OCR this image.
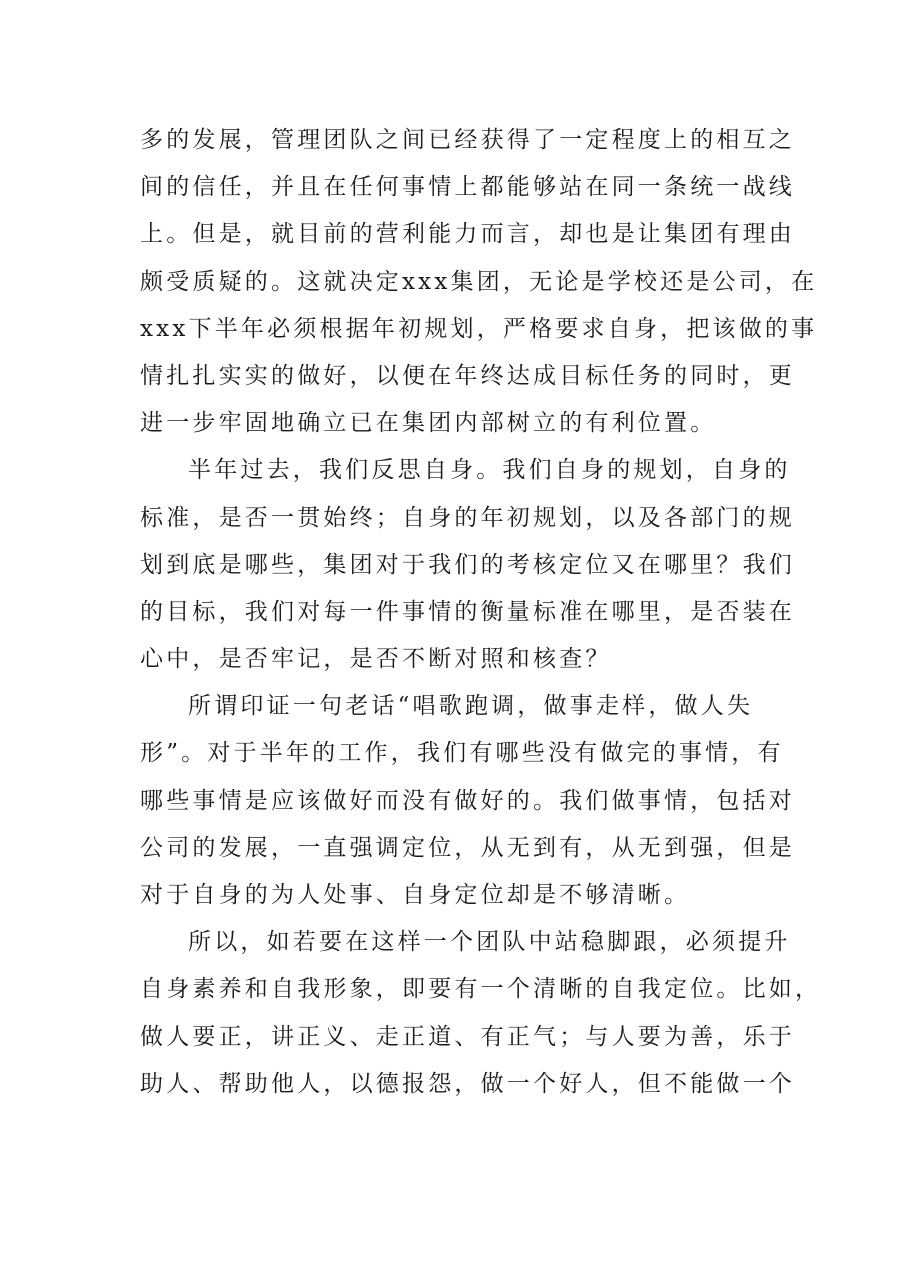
多的发展，管理团队之间已经获得了一定程度上的相互之
间的信任，并且在任何事情上都能够站在同一条统一战线
上。但是，就目前的营利能力而言，却也是让集团有理由
颇受质疑的。这就决定xxx集团，无论是学校还是公司，在
xxx下半年必须根据年初规划，严格要求自身，把该做的事
情扎扎实实的做好，以便在年终达成目标任务的同时，更
进一步牢固地确立已在集团内部树立的有利位置。
半年过去，我们反思自身。我们自身的规划，自身的
标准，是否一贯始终；自身的年初规划，以及各部门的规
划到底是哪些，集团对于我们的考核定位又在哪里？我们
的目标，我们对每一件事情的衡量标准在哪里，是否装在
心中，是否牢记，是否不断对照和核查？
所谓印证一句老话“唱歌跑调，做事走样，做人失
形”。对于半年的工作，我们有哪些没有做完的事情，有
哪些事情是应该做好而没有做好的。我们做事情，包括对
公司的发展，一直强调定位，从无到有，从无到强，但是
对于自身的为人处事、自身定位却是不够清晰。
所以，如若要在这样一个团队中站稳脚跟，必须提升
自身素养和自我形象，即要有一个清晰的自我定位。比如，
做人要正，讲正义、走正道、有正气；与人要为善，乐于
助人、帮助他人，以德报怨，做一个好人，但不能做一个
